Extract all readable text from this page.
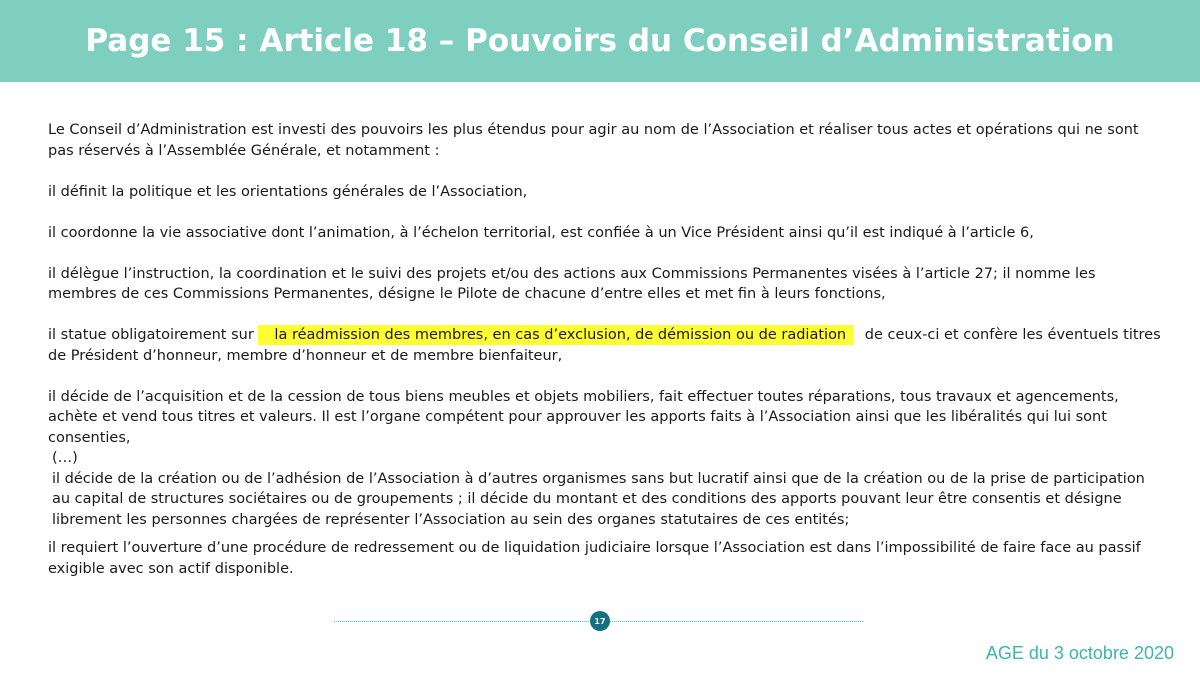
Page 15 : Article 18 – Pouvoirs du Conseil d’Administration

Le Conseil d’Administration est investi des pouvoirs les plus étendus pour agir au nom de l’Association et réaliser tous actes et opérations qui ne sont pas réservés à l’Assemblée Générale, et notamment :

il définit la politique et les orientations générales de l’Association,

il coordonne la vie associative dont l’animation, à l’échelon territorial, est confiée à un Vice Président ainsi qu’il est indiqué à l’article 6,

il délègue l’instruction, la coordination et le suivi des projets et/ou des actions aux Commissions Permanentes visées à l’article 27; il nomme les membres de ces Commissions Permanentes, désigne le Pilote de chacune d’entre elles et met fin à leurs fonctions,

il statue obligatoirement sur la réadmission des membres, en cas d’exclusion, de démission ou de radiation de ceux-ci et confère les éventuels titres de Président d’honneur, membre d’honneur et de membre bienfaiteur,

il décide de l’acquisition et de la cession de tous biens meubles et objets mobiliers, fait effectuer toutes réparations, tous travaux et agencements, achète et vend tous titres et valeurs. Il est l’organe compétent pour approuver les apports faits à l’Association ainsi que les libéralités qui lui sont consenties,

(…)

il décide de la création ou de l’adhésion de l’Association à d’autres organismes sans but lucratif ainsi que de la création ou de la prise de participation au capital de structures sociétaires ou de groupements ; il décide du montant et des conditions des apports pouvant leur être consentis et désigne librement les personnes chargées de représenter l’Association au sein des organes statutaires de ces entités;

il requiert l’ouverture d’une procédure de redressement ou de liquidation judiciaire lorsque l’Association est dans l’impossibilité de faire face au passif exigible avec son actif disponible.

17
AGE du 3 octobre 2020
